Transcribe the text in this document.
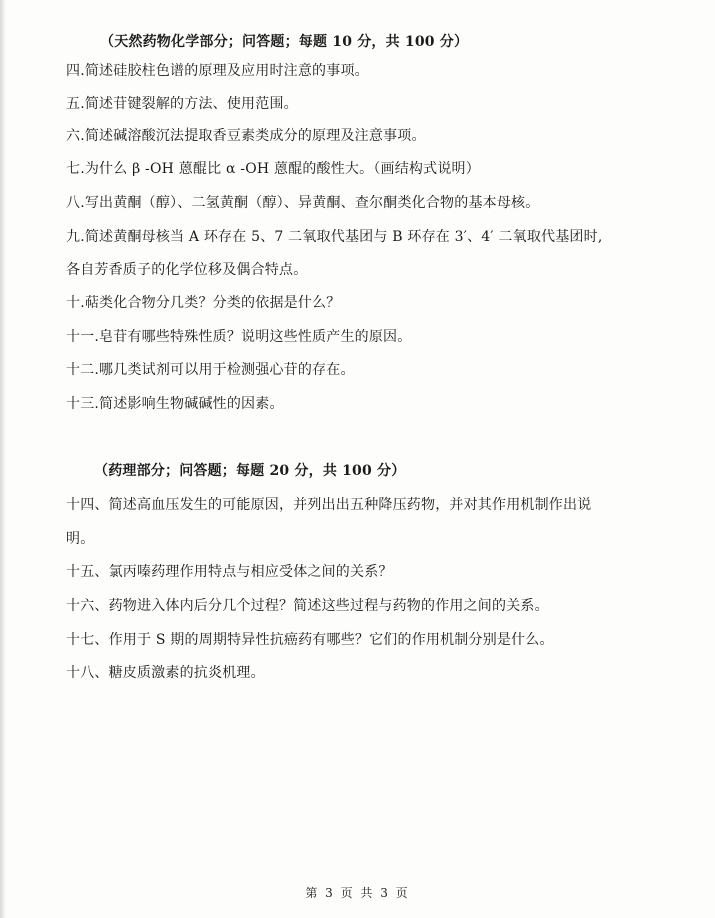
（天然药物化学部分；问答题；每题 10 分，共 100 分）
四.简述硅胶柱色谱的原理及应用时注意的事项。
五.简述苷键裂解的方法、使用范围。
六.简述碱溶酸沉法提取香豆素类成分的原理及注意事项。
七.为什么 β -OH 蒽醌比 α -OH 蒽醌的酸性大。（画结构式说明）
八.写出黄酮（醇）、二氢黄酮（醇）、异黄酮、查尔酮类化合物的基本母核。
九.简述黄酮母核当 A 环存在 5、7 二氧取代基团与 B 环存在 3′、4′ 二氧取代基团时,
各自芳香质子的化学位移及偶合特点。
十.萜类化合物分几类？分类的依据是什么？
十一.皂苷有哪些特殊性质？说明这些性质产生的原因。
十二.哪几类试剂可以用于检测强心苷的存在。
十三.简述影响生物碱碱性的因素。
（药理部分；问答题；每题 20 分，共 100 分）
十四、简述高血压发生的可能原因，并列出出五种降压药物，并对其作用机制作出说
明。
十五、氯丙嗪药理作用特点与相应受体之间的关系？
十六、药物进入体内后分几个过程？简述这些过程与药物的作用之间的关系。
十七、作用于 S 期的周期特异性抗癌药有哪些？它们的作用机制分别是什么。
十八、糖皮质激素的抗炎机理。
第 3 页 共 3 页
